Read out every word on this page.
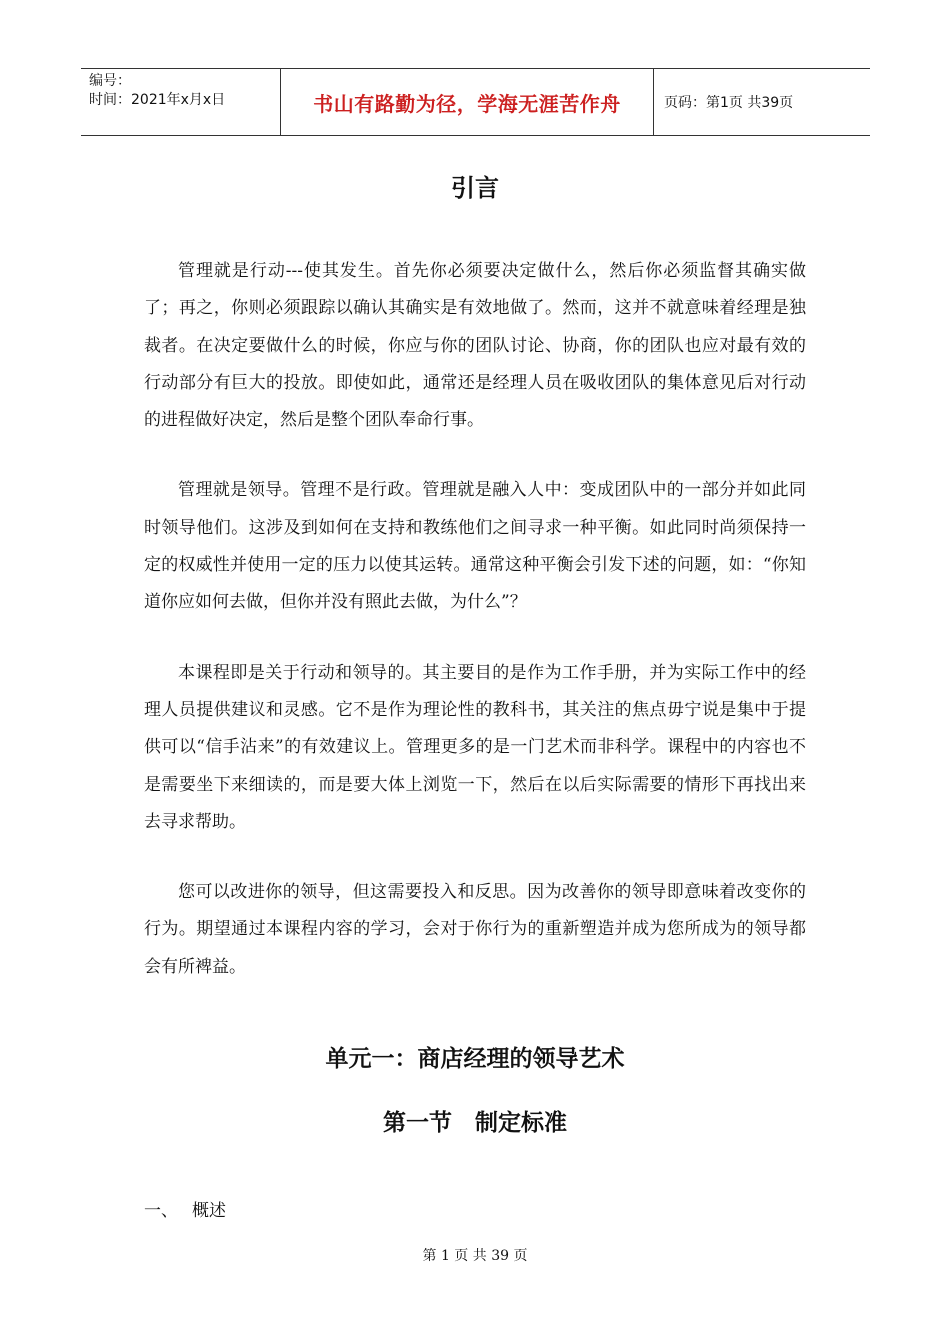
编号：
时间：2021年x月x日	书山有路勤为径，学海无涯苦作舟	页码：第1页 共39页
引言

管理就是行动---使其发生。首先你必须要决定做什么，然后你必须监督其确实做了；再之，你则必须跟踪以确认其确实是有效地做了。然而，这并不就意味着经理是独裁者。在决定要做什么的时候，你应与你的团队讨论、协商，你的团队也应对最有效的行动部分有巨大的投放。即使如此，通常还是经理人员在吸收团队的集体意见后对行动的进程做好决定，然后是整个团队奉命行事。

管理就是领导。管理不是行政。管理就是融入人中：变成团队中的一部分并如此同时领导他们。这涉及到如何在支持和教练他们之间寻求一种平衡。如此同时尚须保持一定的权威性并使用一定的压力以使其运转。通常这种平衡会引发下述的问题，如：“你知道你应如何去做，但你并没有照此去做，为什么”？

本课程即是关于行动和领导的。其主要目的是作为工作手册，并为实际工作中的经理人员提供建议和灵感。它不是作为理论性的教科书，其关注的焦点毋宁说是集中于提供可以“信手沾来”的有效建议上。管理更多的是一门艺术而非科学。课程中的内容也不是需要坐下来细读的，而是要大体上浏览一下，然后在以后实际需要的情形下再找出来去寻求帮助。

您可以改进你的领导，但这需要投入和反思。因为改善你的领导即意味着改变你的行为。期望通过本课程内容的学习，会对于你行为的重新塑造并成为您所成为的领导都会有所裨益。

单元一：商店经理的领导艺术
第一节　制定标准
一、 概述
第 1 页 共 39 页
